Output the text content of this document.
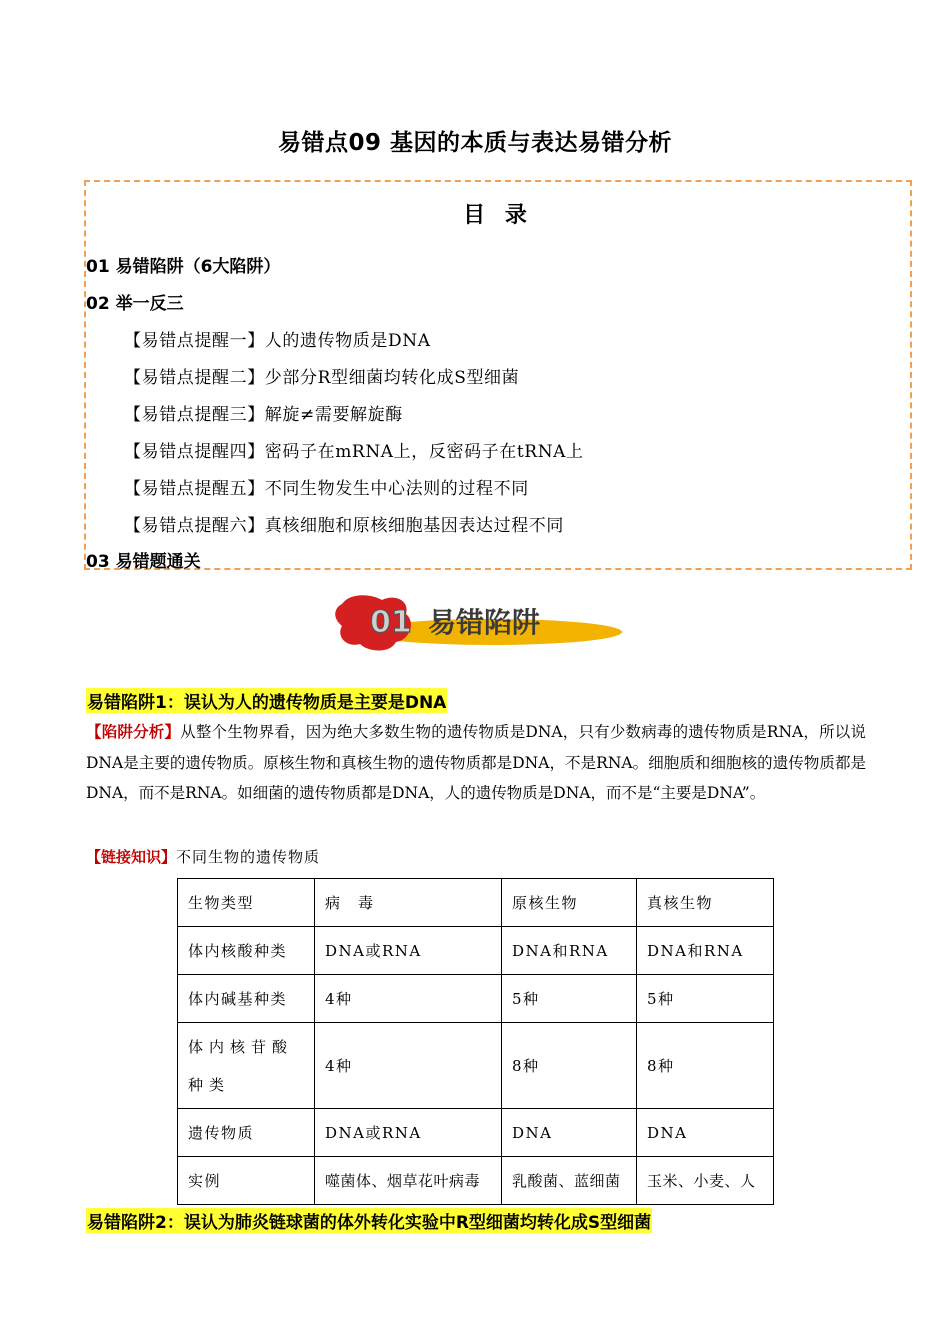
易错点09 基因的本质与表达易错分析
目 录
01 易错陷阱（6大陷阱）
02 举一反三
【易错点提醒一】人的遗传物质是DNA
【易错点提醒二】少部分R型细菌均转化成S型细菌
【易错点提醒三】解旋≠需要解旋酶
【易错点提醒四】密码子在mRNA上，反密码子在tRNA上
【易错点提醒五】不同生物发生中心法则的过程不同
【易错点提醒六】真核细胞和原核细胞基因表达过程不同
03 易错题通关
01 易错陷阱
易错陷阱1：误认为人的遗传物质是主要是DNA
【陷阱分析】从整个生物界看，因为绝大多数生物的遗传物质是DNA，只有少数病毒的遗传物质是RNA，所以说DNA是主要的遗传物质。原核生物和真核生物的遗传物质都是DNA，不是RNA。细胞质和细胞核的遗传物质都是DNA，而不是RNA。如细菌的遗传物质都是DNA，人的遗传物质是DNA，而不是“主要是DNA”。
【链接知识】不同生物的遗传物质
生物类型	病　毒	原核生物	真核生物
体内核酸种类	DNA或RNA	DNA和RNA	DNA和RNA
体内碱基种类	4种	5种	5种
体内核苷酸种类	4种	8种	8种
遗传物质	DNA或RNA	DNA	DNA
实例	噬菌体、烟草花叶病毒	乳酸菌、蓝细菌	玉米、小麦、人
易错陷阱2：误认为肺炎链球菌的体外转化实验中R型细菌均转化成S型细菌
